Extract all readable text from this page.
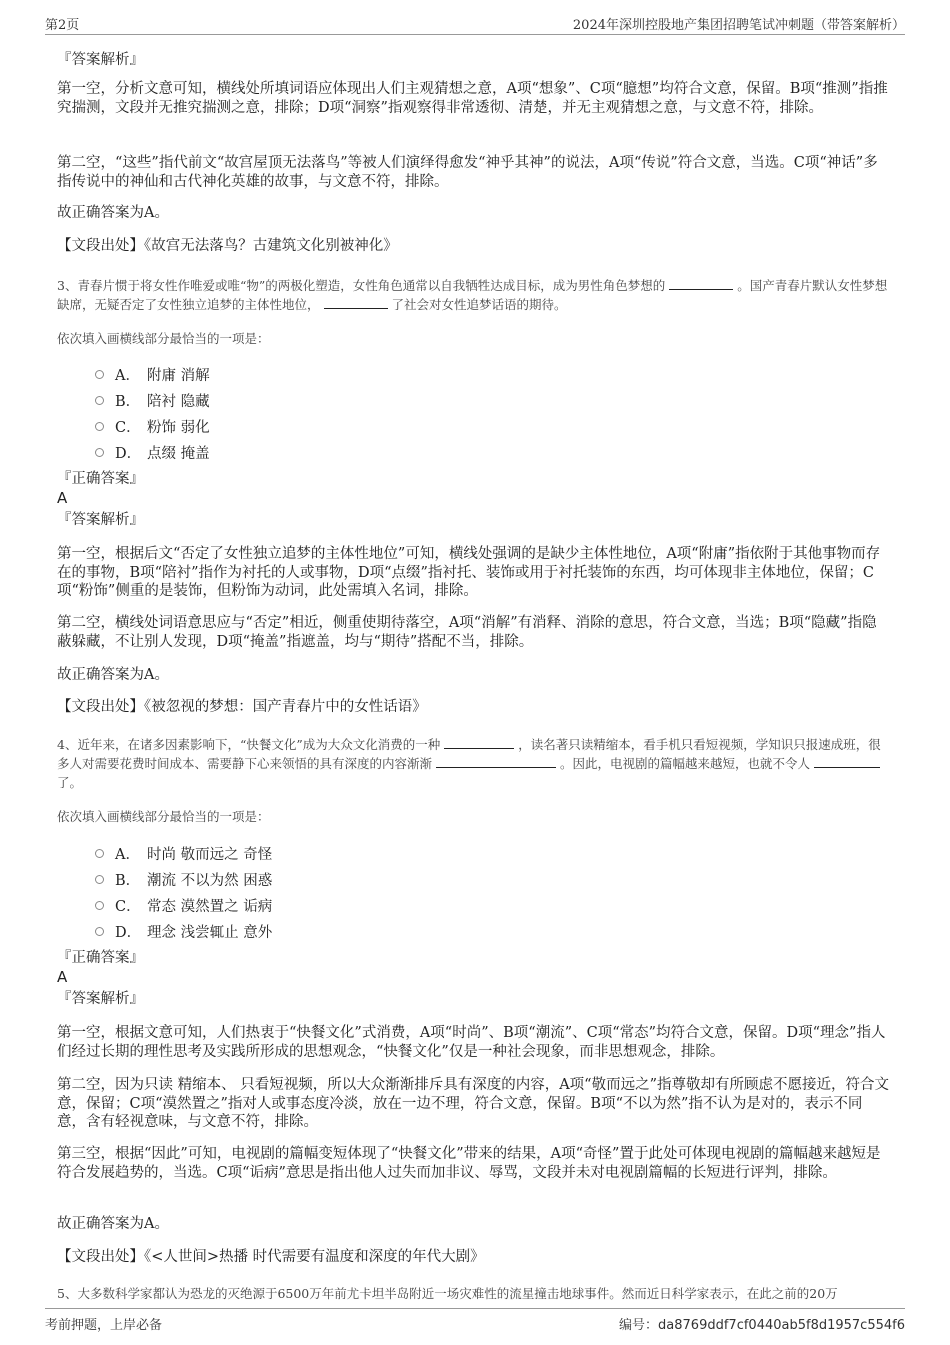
第2页	2024年深圳控股地产集团招聘笔试冲刺题（带答案解析）
『答案解析』
第一空，分析文意可知，横线处所填词语应体现出人们主观猜想之意，A项“想象”、C项“臆想”均符合文意，保留。B项“推测”指推究揣测，文段并无推究揣测之意，排除；D项“洞察”指观察得非常透彻、清楚，并无主观猜想之意，与文意不符，排除。
第二空，“这些”指代前文“故宫屋顶无法落鸟”等被人们演绎得愈发“神乎其神”的说法，A项“传说”符合文意，当选。C项“神话”多指传说中的神仙和古代神化英雄的故事，与文意不符，排除。
故正确答案为A。
【文段出处】《故宫无法落鸟？古建筑文化别被神化》
3、青春片惯于将女性作唯爱或唯“物”的两极化塑造，女性角色通常以自我牺牲达成目标，成为男性角色梦想的	。国产青春片默认女性梦想缺席，无疑否定了女性独立追梦的主体性地位，	了社会对女性追梦话语的期待。
依次填入画横线部分最恰当的一项是：
A． 附庸 消解
B． 陪衬 隐藏
C． 粉饰 弱化
D． 点缀 掩盖
『正确答案』
A
『答案解析』
第一空，根据后文“否定了女性独立追梦的主体性地位”可知，横线处强调的是缺少主体性地位，A项“附庸”指依附于其他事物而存在的事物，B项“陪衬”指作为衬托的人或事物，D项“点缀”指衬托、装饰或用于衬托装饰的东西，均可体现非主体地位，保留；C项“粉饰”侧重的是装饰，但粉饰为动词，此处需填入名词，排除。
第二空，横线处词语意思应与“否定”相近，侧重使期待落空，A项“消解”有消释、消除的意思，符合文意，当选；B项“隐藏”指隐蔽躲藏，不让别人发现，D项“掩盖”指遮盖，均与“期待”搭配不当，排除。
故正确答案为A。
【文段出处】《被忽视的梦想：国产青春片中的女性话语》
4、近年来，在诸多因素影响下，“快餐文化”成为大众文化消费的一种	，读名著只读精缩本，看手机只看短视频，学知识只报速成班，很多人对需要花费时间成本、需要静下心来领悟的具有深度的内容渐渐	。因此，电视剧的篇幅越来越短，也就不令人  了。
依次填入画横线部分最恰当的一项是：
A． 时尚 敬而远之 奇怪
B． 潮流 不以为然 困惑
C． 常态 漠然置之 诟病
D． 理念 浅尝辄止 意外
『正确答案』
A
『答案解析』
第一空，根据文意可知，人们热衷于“快餐文化”式消费，A项“时尚”、B项“潮流”、C项“常态”均符合文意，保留。D项“理念”指人们经过长期的理性思考及实践所形成的思想观念，“快餐文化”仅是一种社会现象，而非思想观念，排除。
第二空，因为只读 精缩本、 只看短视频，所以大众渐渐排斥具有深度的内容，A项“敬而远之”指尊敬却有所顾虑不愿接近，符合文意，保留；C项“漠然置之”指对人或事态度冷淡，放在一边不理，符合文意，保留。B项“不以为然”指不认为是对的，表示不同意，含有轻视意味，与文意不符，排除。
第三空，根据“因此”可知，电视剧的篇幅变短体现了“快餐文化”带来的结果，A项“奇怪”置于此处可体现电视剧的篇幅越来越短是符合发展趋势的，当选。C项“诟病”意思是指出他人过失而加非议、辱骂，文段并未对电视剧篇幅的长短进行评判，排除。
故正确答案为A。
【文段出处】《<人世间>热播 时代需要有温度和深度的年代大剧》
5、大多数科学家都认为恐龙的灭绝源于6500万年前尤卡坦半岛附近一场灾难性的流星撞击地球事件。然而近日科学家表示，在此之前的20万
考前押题，上岸必备	编号：da8769ddf7cf0440ab5f8d1957c554f6
